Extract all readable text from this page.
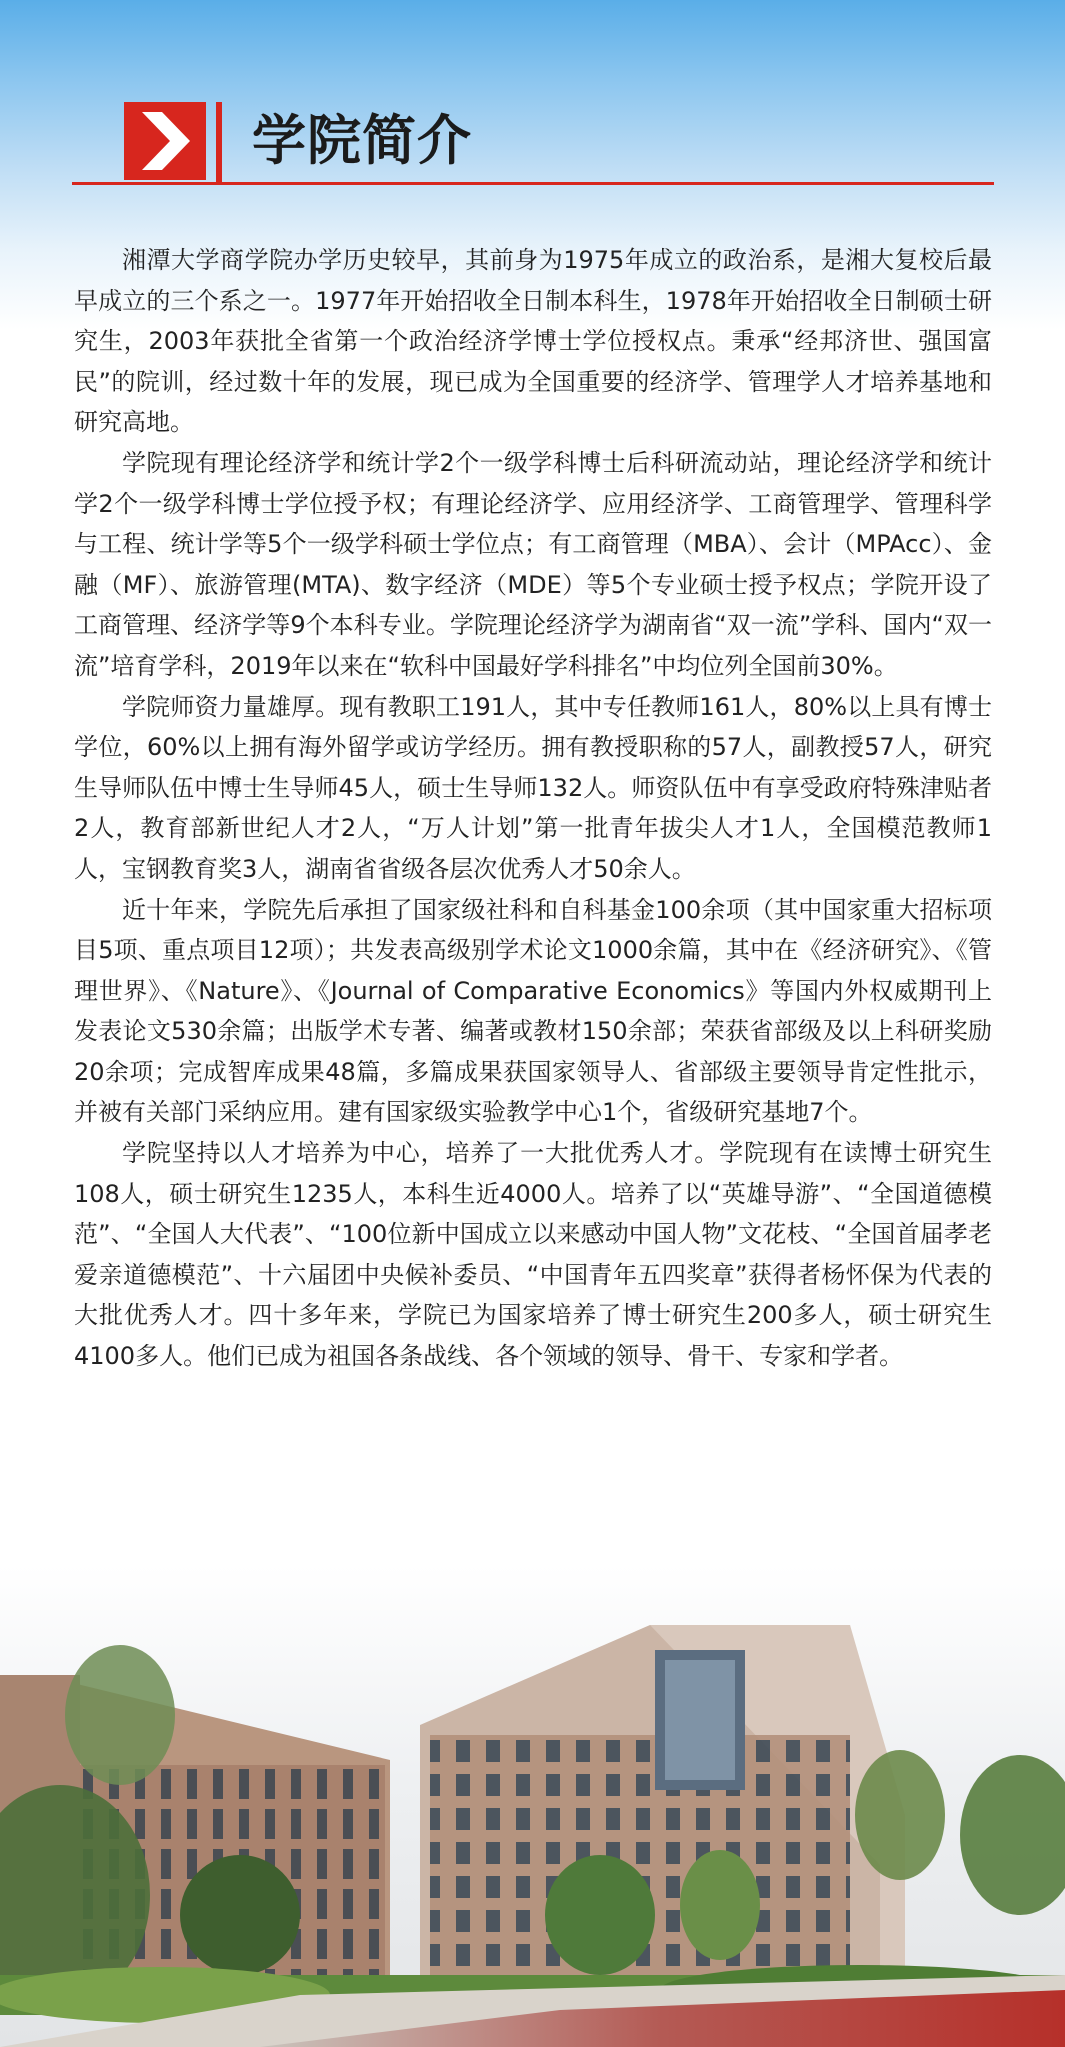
学院简介

湘潭大学商学院办学历史较早，其前身为1975年成立的政治系，是湘大复校后最早成立的三个系之一。1977年开始招收全日制本科生，1978年开始招收全日制硕士研究生，2003年获批全省第一个政治经济学博士学位授权点。秉承“经邦济世、强国富民”的院训，经过数十年的发展，现已成为全国重要的经济学、管理学人才培养基地和研究高地。

学院现有理论经济学和统计学2个一级学科博士后科研流动站，理论经济学和统计学2个一级学科博士学位授予权；有理论经济学、应用经济学、工商管理学、管理科学与工程、统计学等5个一级学科硕士学位点；有工商管理（MBA）、会计（MPAcc）、金融（MF）、旅游管理(MTA)、数字经济（MDE）等5个专业硕士授予权点；学院开设了工商管理、经济学等9个本科专业。学院理论经济学为湖南省“双一流”学科、国内“双一流”培育学科，2019年以来在“软科中国最好学科排名”中均位列全国前30%。

学院师资力量雄厚。现有教职工191人，其中专任教师161人，80%以上具有博士学位，60%以上拥有海外留学或访学经历。拥有教授职称的57人，副教授57人，研究生导师队伍中博士生导师45人，硕士生导师132人。师资队伍中有享受政府特殊津贴者2人，教育部新世纪人才2人，“万人计划”第一批青年拔尖人才1人，全国模范教师1人，宝钢教育奖3人，湖南省省级各层次优秀人才50余人。

近十年来，学院先后承担了国家级社科和自科基金100余项（其中国家重大招标项目5项、重点项目12项）；共发表高级别学术论文1000余篇，其中在《经济研究》、《管理世界》、《Nature》、《Journal of Comparative Economics》等国内外权威期刊上发表论文530余篇；出版学术专著、编著或教材150余部；荣获省部级及以上科研奖励20余项；完成智库成果48篇，多篇成果获国家领导人、省部级主要领导肯定性批示，并被有关部门采纳应用。建有国家级实验教学中心1个，省级研究基地7个。

学院坚持以人才培养为中心，培养了一大批优秀人才。学院现有在读博士研究生108人，硕士研究生1235人，本科生近4000人。培养了以“英雄导游”、“全国道德模范”、“全国人大代表”、“100位新中国成立以来感动中国人物”文花枝、“全国首届孝老爱亲道德模范”、十六届团中央候补委员、“中国青年五四奖章”获得者杨怀保为代表的大批优秀人才。四十多年来，学院已为国家培养了博士研究生200多人，硕士研究生4100多人。他们已成为祖国各条战线、各个领域的领导、骨干、专家和学者。
